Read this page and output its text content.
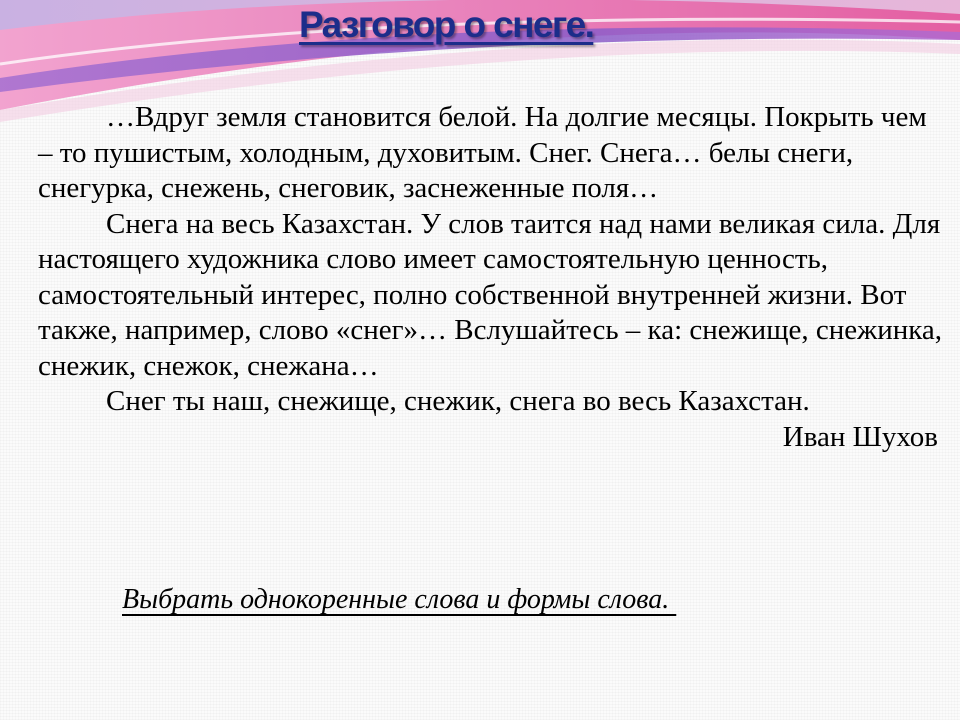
Разговор о снеге.

…Вдруг земля становится белой. На долгие месяцы. Покрыть чем – то пушистым, холодным, духовитым. Снег. Снега… белы снеги, снегурка, снежень, снеговик, заснеженные поля…

Снега на весь Казахстан. У слов таится над нами великая сила. Для настоящего художника слово имеет самостоятельную ценность, самостоятельный интерес, полно собственной внутренней жизни. Вот также, например, слово «снег»… Вслушайтесь – ка: снежище, снежинка, снежик, снежок, снежана…

Снег ты наш, снежище, снежик, снега во весь Казахстан.

Иван Шухов

Выбрать однокоренные слова и формы слова.
